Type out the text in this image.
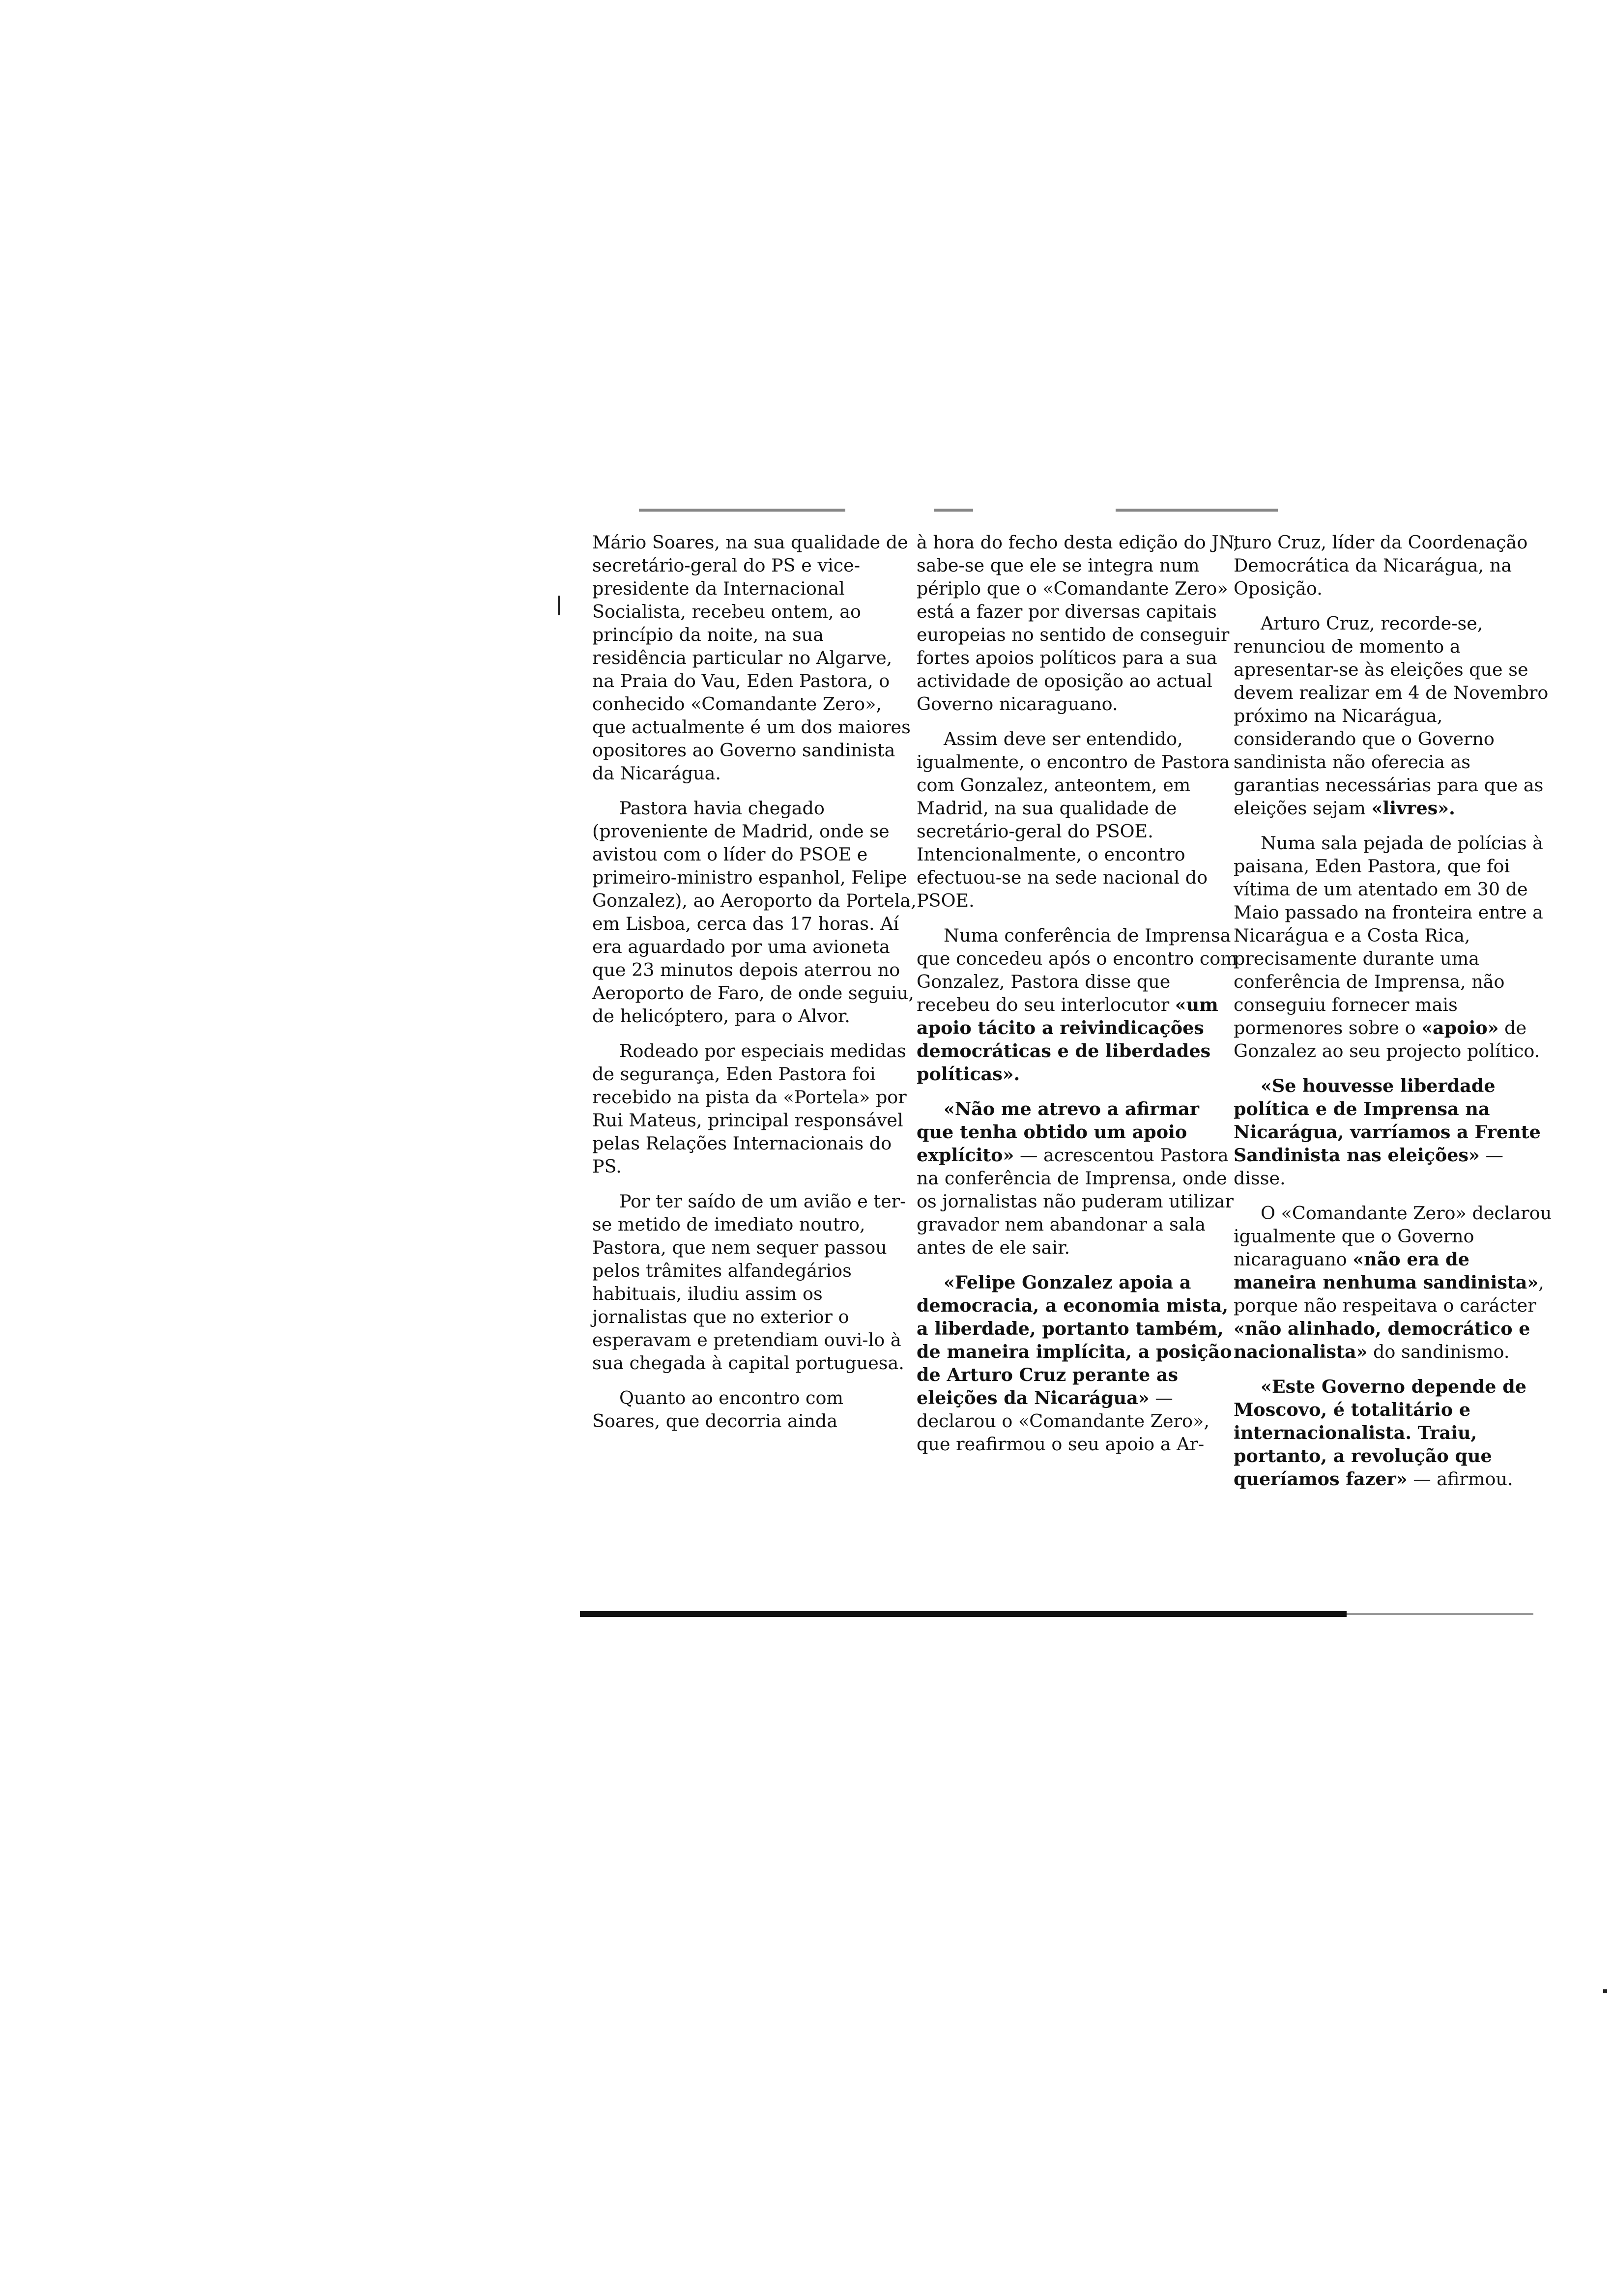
Mário Soares, na sua qualidade de secretário-geral do PS e vice-presidente da Internacional Socialista, recebeu ontem, ao princípio da noite, na sua residência particular no Algarve, na Praia do Vau, Eden Pastora, o conhecido «Comandante Zero», que actualmente é um dos maiores opositores ao Governo sandinista da Nicarágua.

Pastora havia chegado (proveniente de Madrid, onde se avistou com o líder do PSOE e primeiro-ministro espanhol, Felipe Gonzalez), ao Aeroporto da Portela, em Lisboa, cerca das 17 horas. Aí era aguardado por uma avioneta que 23 minutos depois aterrou no Aeroporto de Faro, de onde seguiu, de helicóptero, para o Alvor.

Rodeado por especiais medidas de segurança, Eden Pastora foi recebido na pista da «Portela» por Rui Mateus, principal responsável pelas Relações Internacionais do PS.

Por ter saído de um avião e ter-se metido de imediato noutro, Pastora, que nem sequer passou pelos trâmites alfandegários habituais, iludiu assim os jornalistas que no exterior o esperavam e pretendiam ouvi-lo à sua chegada à capital portuguesa.

Quanto ao encontro com Soares, que decorria ainda

à hora do fecho desta edição do JN, sabe-se que ele se integra num périplo que o «Comandante Zero» está a fazer por diversas capitais europeias no sentido de conseguir fortes apoios políticos para a sua actividade de oposição ao actual Governo nicaraguano.

Assim deve ser entendido, igualmente, o encontro de Pastora com Gonzalez, anteontem, em Madrid, na sua qualidade de secretário-geral do PSOE. Intencionalmente, o encontro efectuou-se na sede nacional do PSOE.

Numa conferência de Imprensa que concedeu após o encontro com Gonzalez, Pastora disse que recebeu do seu interlocutor «um apoio tácito a reivindicações democráticas e de liberdades políticas».

«Não me atrevo a afirmar que tenha obtido um apoio explícito» — acrescentou Pastora na conferência de Imprensa, onde os jornalistas não puderam utilizar gravador nem abandonar a sala antes de ele sair.

«Felipe Gonzalez apoia a democracia, a economia mista, a liberdade, portanto também, de maneira implícita, a posição de Arturo Cruz perante as eleições da Nicarágua» — declarou o «Comandante Zero», que reafirmou o seu apoio a Ar-

turo Cruz, líder da Coordenação Democrática da Nicarágua, na Oposição.

Arturo Cruz, recorde-se, renunciou de momento a apresentar-se às eleições que se devem realizar em 4 de Novembro próximo na Nicarágua, considerando que o Governo sandinista não oferecia as garantias necessárias para que as eleições sejam «livres».

Numa sala pejada de polícias à paisana, Eden Pastora, que foi vítima de um atentado em 30 de Maio passado na fronteira entre a Nicarágua e a Costa Rica, precisamente durante uma conferência de Imprensa, não conseguiu fornecer mais pormenores sobre o «apoio» de Gonzalez ao seu projecto político.

«Se houvesse liberdade política e de Imprensa na Nicarágua, varríamos a Frente Sandinista nas eleições» — disse.

O «Comandante Zero» declarou igualmente que o Governo nicaraguano «não era de maneira nenhuma sandinista», porque não respeitava o carácter «não alinhado, democrático e nacionalista» do sandinismo.

«Este Governo depende de Moscovo, é totalitário e internacionalista. Traiu, portanto, a revolução que queríamos fazer» — afirmou.
